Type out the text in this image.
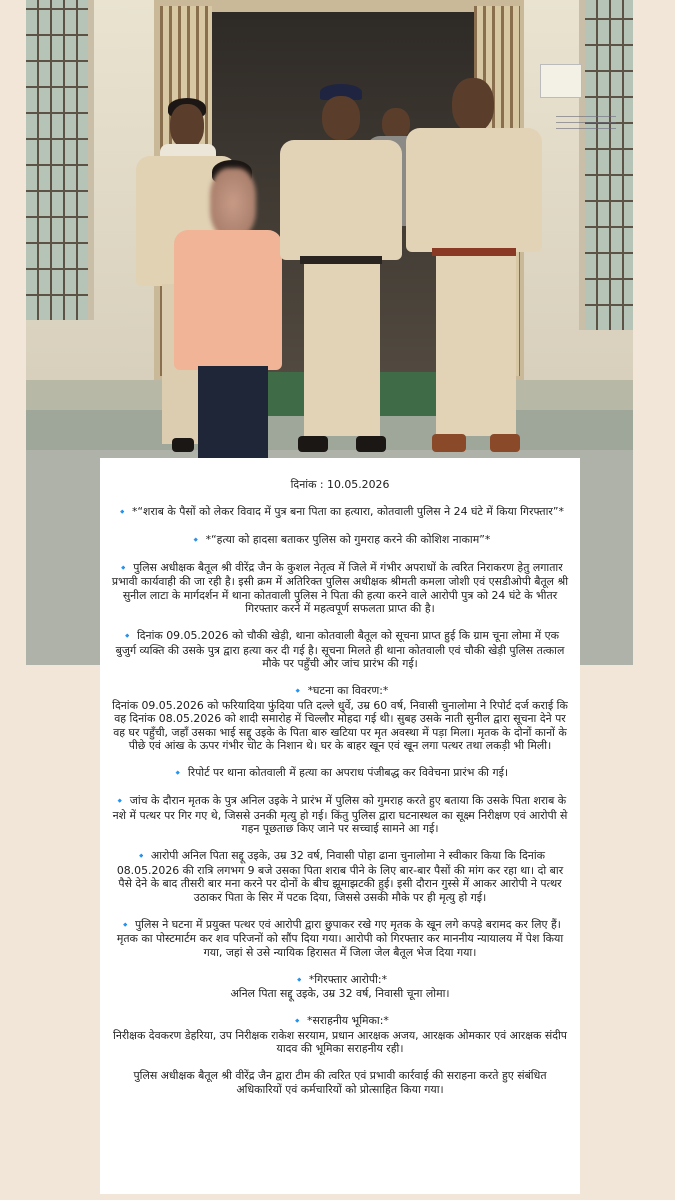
दिनांक : 10.05.2026

🔹 *“शराब के पैसों को लेकर विवाद में पुत्र बना पिता का हत्यारा, कोतवाली पुलिस ने 24 घंटे में किया गिरफ्तार”*

🔹 *“हत्या को हादसा बताकर पुलिस को गुमराह करने की कोशिश नाकाम”*

🔹 पुलिस अधीक्षक बैतूल श्री वीरेंद्र जैन के कुशल नेतृत्व में जिले में गंभीर अपराधों के त्वरित निराकरण हेतु लगातार प्रभावी कार्यवाही की जा रही है। इसी क्रम में अतिरिक्त पुलिस अधीक्षक श्रीमती कमला जोशी एवं एसडीओपी बैतूल श्री सुनील लाटा के मार्गदर्शन में थाना कोतवाली पुलिस ने पिता की हत्या करने वाले आरोपी पुत्र को 24 घंटे के भीतर गिरफ्तार करने में महत्वपूर्ण सफलता प्राप्त की है।

🔹 दिनांक 09.05.2026 को चौकी खेड़ी, थाना कोतवाली बैतूल को सूचना प्राप्त हुई कि ग्राम चूना लोमा में एक बुजुर्ग व्यक्ति की उसके पुत्र द्वारा हत्या कर दी गई है। सूचना मिलते ही थाना कोतवाली एवं चौकी खेड़ी पुलिस तत्काल मौके पर पहुँची और जांच प्रारंभ की गई।

🔹 *घटना का विवरण:*
दिनांक 09.05.2026 को फरियादिया फुंदिया पति दल्ले धुर्वे, उम्र 60 वर्ष, निवासी चुनालोमा ने रिपोर्ट दर्ज कराई कि वह दिनांक 08.05.2026 को शादी समारोह में चिल्लौर मोहदा गई थी। सुबह उसके नाती सुनील द्वारा सूचना देने पर वह घर पहुँची, जहाँ उसका भाई सद्दू उइके के पिता बारु खटिया पर मृत अवस्था में पड़ा मिला। मृतक के दोनों कानों के पीछे एवं आंख के ऊपर गंभीर चोट के निशान थे। घर के बाहर खून एवं खून लगा पत्थर तथा लकड़ी भी मिली।

🔹 रिपोर्ट पर थाना कोतवाली में हत्या का अपराध पंजीबद्ध कर विवेचना प्रारंभ की गई।

🔹 जांच के दौरान मृतक के पुत्र अनिल उइके ने प्रारंभ में पुलिस को गुमराह करते हुए बताया कि उसके पिता शराब के नशे में पत्थर पर गिर गए थे, जिससे उनकी मृत्यु हो गई। किंतु पुलिस द्वारा घटनास्थल का सूक्ष्म निरीक्षण एवं आरोपी से गहन पूछताछ किए जाने पर सच्चाई सामने आ गई।

🔹 आरोपी अनिल पिता सद्दू उइके, उम्र 32 वर्ष, निवासी पोहा ढाना चुनालोमा ने स्वीकार किया कि दिनांक 08.05.2026 की रात्रि लगभग 9 बजे उसका पिता शराब पीने के लिए बार-बार पैसों की मांग कर रहा था। दो बार पैसे देने के बाद तीसरी बार मना करने पर दोनों के बीच झूमाझटकी हुई। इसी दौरान गुस्से में आकर आरोपी ने पत्थर उठाकर पिता के सिर में पटक दिया, जिससे उसकी मौके पर ही मृत्यु हो गई।

🔹 पुलिस ने घटना में प्रयुक्त पत्थर एवं आरोपी द्वारा छुपाकर रखे गए मृतक के खून लगे कपड़े बरामद कर लिए हैं। मृतक का पोस्टमार्टम कर शव परिजनों को सौंप दिया गया। आरोपी को गिरफ्तार कर माननीय न्यायालय में पेश किया गया, जहां से उसे न्यायिक हिरासत में जिला जेल बैतूल भेज दिया गया।

🔹 *गिरफ्तार आरोपी:*
अनिल पिता सद्दू उइके, उम्र 32 वर्ष, निवासी चूना लोमा।

🔹 *सराहनीय भूमिका:*
निरीक्षक देवकरण डेहरिया, उप निरीक्षक राकेश सरयाम, प्रधान आरक्षक अजय, आरक्षक ओमकार एवं आरक्षक संदीप यादव की भूमिका सराहनीय रही।

पुलिस अधीक्षक बैतूल श्री वीरेंद्र जैन द्वारा टीम की त्वरित एवं प्रभावी कार्रवाई की सराहना करते हुए संबंधित अधिकारियों एवं कर्मचारियों को प्रोत्साहित किया गया।
